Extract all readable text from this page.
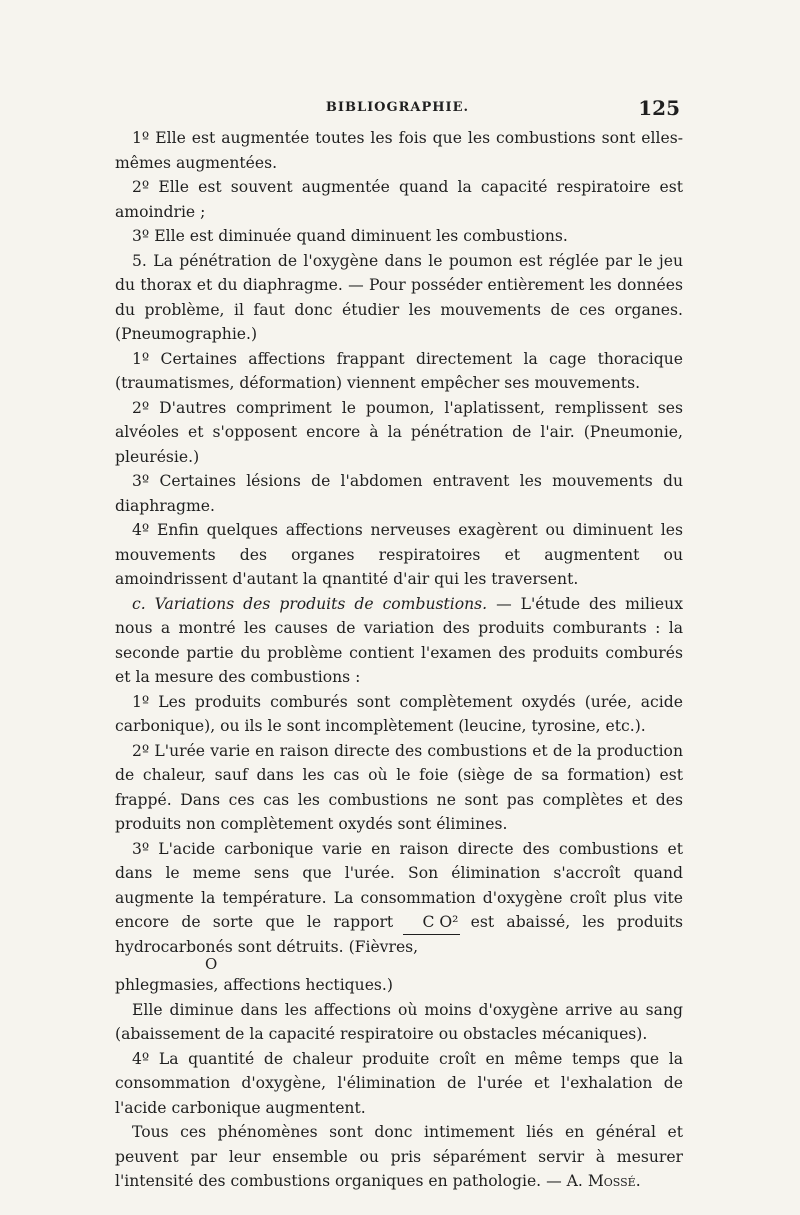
BIBLIOGRAPHIE.	125

1º Elle est augmentée toutes les fois que les combustions sont elles-mêmes augmentées.

2º Elle est souvent augmentée quand la capacité respiratoire est amoindrie ;

3º Elle est diminuée quand diminuent les combustions.

5. La pénétration de l'oxygène dans le poumon est réglée par le jeu du thorax et du diaphragme. — Pour posséder entièrement les données du problème, il faut donc étudier les mouvements de ces organes. (Pneumographie.)

1º Certaines affections frappant directement la cage thoracique (traumatismes, déformation) viennent empêcher ses mouvements.

2º D'autres compriment le poumon, l'aplatissent, remplissent ses alvéoles et s'opposent encore à la pénétration de l'air. (Pneumonie, pleurésie.)

3º Certaines lésions de l'abdomen entravent les mouvements du diaphragme.

4º Enfin quelques affections nerveuses exagèrent ou diminuent les mouvements des organes respiratoires et augmentent ou amoindrissent d'autant la qnantité d'air qui les traversent.

c. Variations des produits de combustions. — L'étude des milieux nous a montré les causes de variation des produits comburants : la seconde partie du problème contient l'examen des produits comburés et la mesure des combustions :

1º Les produits comburés sont complètement oxydés (urée, acide carbonique), ou ils le sont incomplètement (leucine, tyrosine, etc.).

2º L'urée varie en raison directe des combustions et de la production de chaleur, sauf dans les cas où le foie (siège de sa formation) est frappé. Dans ces cas les combustions ne sont pas complètes et des produits non complètement oxydés sont élimines.

3º L'acide carbonique varie en raison directe des combustions et dans le meme sens que l'urée. Son élimination s'accroît quand augmente la température. La consommation d'oxygène croît plus vite encore de sorte que le rapport C O²
est abaissé, les produits hydrocarbonés sont détruits. (Fièvres,

O

phlegmasies, affections hectiques.)

Elle diminue dans les affections où moins d'oxygène arrive au sang (abaissement de la capacité respiratoire ou obstacles mécaniques).

4º La quantité de chaleur produite croît en même temps que la consommation d'oxygène, l'élimination de l'urée et l'exhalation de l'acide carbonique augmentent.

Tous ces phénomènes sont donc intimement liés en général et peuvent par leur ensemble ou pris séparément servir à mesurer l'intensité des combustions organiques en pathologie. — A. Mossé.
